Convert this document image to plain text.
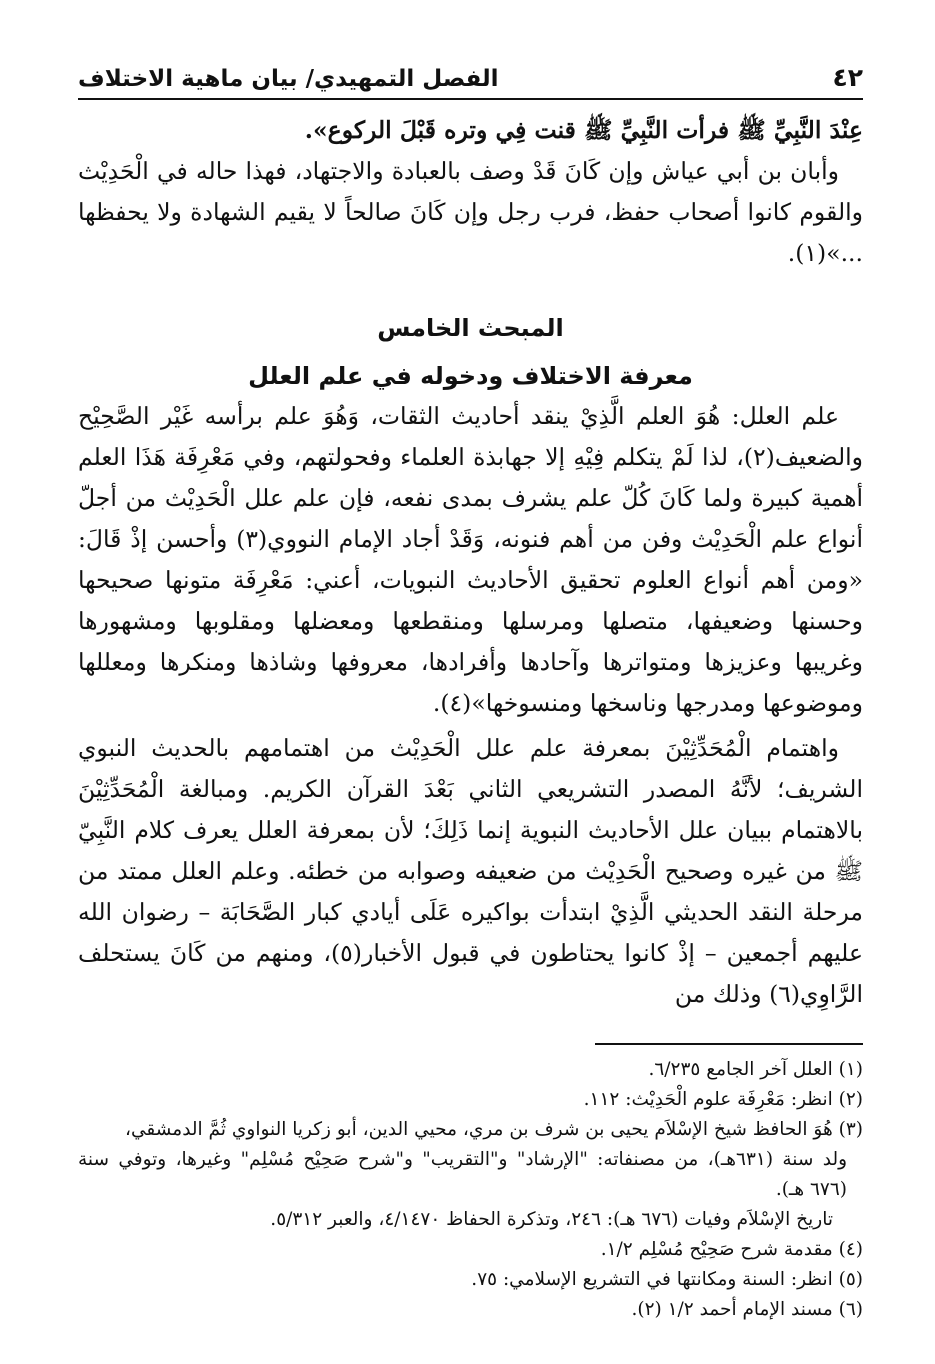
٤٢
الفصل التمهيدي/ بيان ماهية الاختلاف

عِنْدَ النَّبِيِّ ﷺ فرأت النَّبِيِّ ﷺ قنت فِي وتره قَبْلَ الركوع».

وأبان بن أبي عياش وإن كَانَ قَدْ وصف بالعبادة والاجتهاد، فهذا حاله في الْحَدِيْث والقوم كانوا أصحاب حفظ، فرب رجل وإن كَانَ صالحاً لا يقيم الشهادة ولا يحفظها ...»(١).

المبحث الخامس
معرفة الاختلاف ودخوله في علم العلل

علم العلل: هُوَ العلم الَّذِيْ ينقد أحاديث الثقات، وَهُوَ علم برأسه غَيْر الصَّحِيْح والضعيف(٢)، لذا لَمْ يتكلم فِيْهِ إلا جهابذة العلماء وفحولتهم، وفي مَعْرِفَة هَذَا العلم أهمية كبيرة ولما كَانَ كُلّ علم يشرف بمدى نفعه، فإن علم علل الْحَدِيْث من أجلّ أنواع علم الْحَدِيْث وفن من أهم فنونه، وَقَدْ أجاد الإمام النووي(٣) وأحسن إذْ قَالَ: «ومن أهم أنواع العلوم تحقيق الأحاديث النبويات، أعني: مَعْرِفَة متونها صحيحها وحسنها وضعيفها، متصلها ومرسلها ومنقطعها ومعضلها ومقلوبها ومشهورها وغريبها وعزيزها ومتواترها وآحادها وأفرادها، معروفها وشاذها ومنكرها ومعللها وموضوعها ومدرجها وناسخها ومنسوخها»(٤).

واهتمام الْمُحَدِّثِيْنَ بمعرفة علم علل الْحَدِيْث من اهتمامهم بالحديث النبوي الشريف؛ لأنَّهُ المصدر التشريعي الثاني بَعْدَ القرآن الكريم. ومبالغة الْمُحَدِّثِيْنَ بالاهتمام ببيان علل الأحاديث النبوية إنما ذَلِكَ؛ لأن بمعرفة العلل يعرف كلام النَّبِيّ ﷺ من غيره وصحيح الْحَدِيْث من ضعيفه وصوابه من خطئه. وعلم العلل ممتد من مرحلة النقد الحديثي الَّذِيْ ابتدأت بواكيره عَلَى أيادي كبار الصَّحَابَة – رضوان الله عليهم أجمعين – إذْ كانوا يحتاطون في قبول الأخبار(٥)، ومنهم من كَانَ يستحلف الرَّاوِي(٦) وذلك من

(١) العلل آخر الجامع ٦/٢٣٥.

(٢) انظر: مَعْرِفَة علوم الْحَدِيْث: ١١٢.

(٣) هُوَ الحافظ شيخ الإسْلاَم يحيى بن شرف بن مري، محيي الدين، أبو زكريا النواوي ثُمَّ الدمشقي،

ولد سنة (٦٣١هـ)، من مصنفاته: "الإرشاد" و"التقريب" و"شرح صَحِيْح مُسْلِم" وغيرها، وتوفي سنة (٦٧٦ هـ).

تاريخ الإسْلاَم وفيات (٦٧٦ هـ): ٢٤٦، وتذكرة الحفاظ ٤/١٤٧٠، والعبر ٥/٣١٢.

(٤) مقدمة شرح صَحِيْح مُسْلِم ١/٢.

(٥) انظر: السنة ومكانتها في التشريع الإسلامي: ٧٥.

(٦) مسند الإمام أحمد ١/٢ (٢).
